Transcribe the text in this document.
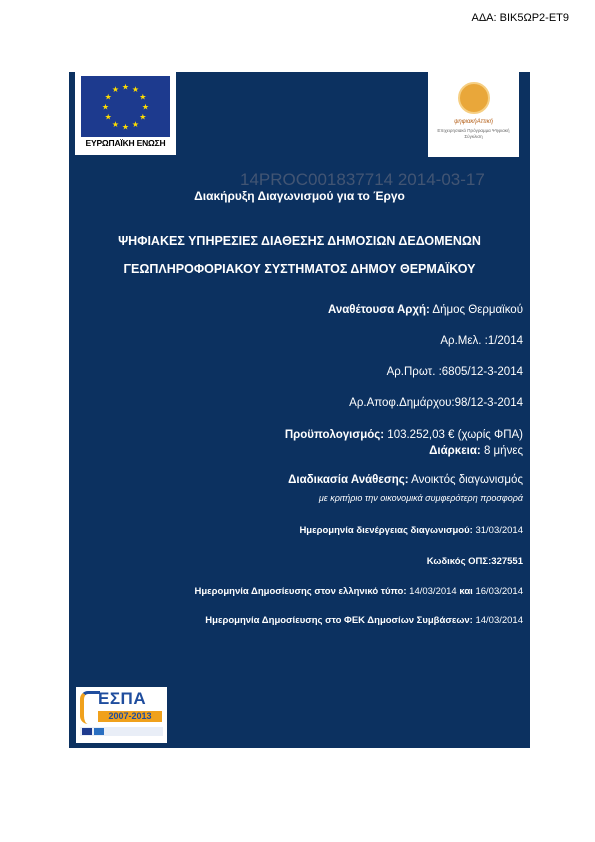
ΑΔΑ: ΒΙΚ5ΩΡ2-ΕΤ9
★ ★
★
★
★
★
★
★
★
★
★
★
ΕΥΡΩΠΑΪΚΗ ΕΝΩΣΗ
ψηφιακήΑττική
Επιχειρησιακό Πρόγραμμα Ψηφιακή Σύγκλιση
14PROC001837714 2014-03-17
Διακήρυξη Διαγωνισμού για το Έργο
ΨΗΦΙΑΚΕΣ ΥΠΗΡΕΣΙΕΣ ΔΙΑΘΕΣΗΣ ΔΗΜΟΣΙΩΝ ΔΕΔΟΜΕΝΩΝ
ΓΕΩΠΛΗΡΟΦΟΡΙΑΚΟΥ ΣΥΣΤΗΜΑΤΟΣ ΔΗΜΟΥ ΘΕΡΜΑΪΚΟΥ
Αναθέτουσα Αρχή: Δήμος Θερμαϊκού
Αρ.Μελ. :1/2014
Αρ.Πρωτ. :6805/12-3-2014
Αρ.Αποφ.Δημάρχου:98/12-3-2014
Προϋπολογισμός: 103.252,03 € (χωρίς ΦΠΑ)
Διάρκεια: 8 μήνες
Διαδικασία Ανάθεσης: Ανοικτός διαγωνισμός
με κριτήριο την οικονομικά συμφερότερη προσφορά
Ημερομηνία διενέργειας διαγωνισμού: 31/03/2014
Κωδικός ΟΠΣ:327551
Ημερομηνία Δημοσίευσης στον ελληνικό τύπο: 14/03/2014 και 16/03/2014
Ημερομηνία Δημοσίευσης στο ΦΕΚ Δημοσίων Συμβάσεων: 14/03/2014
ΕΣΠΑ
2007-2013
